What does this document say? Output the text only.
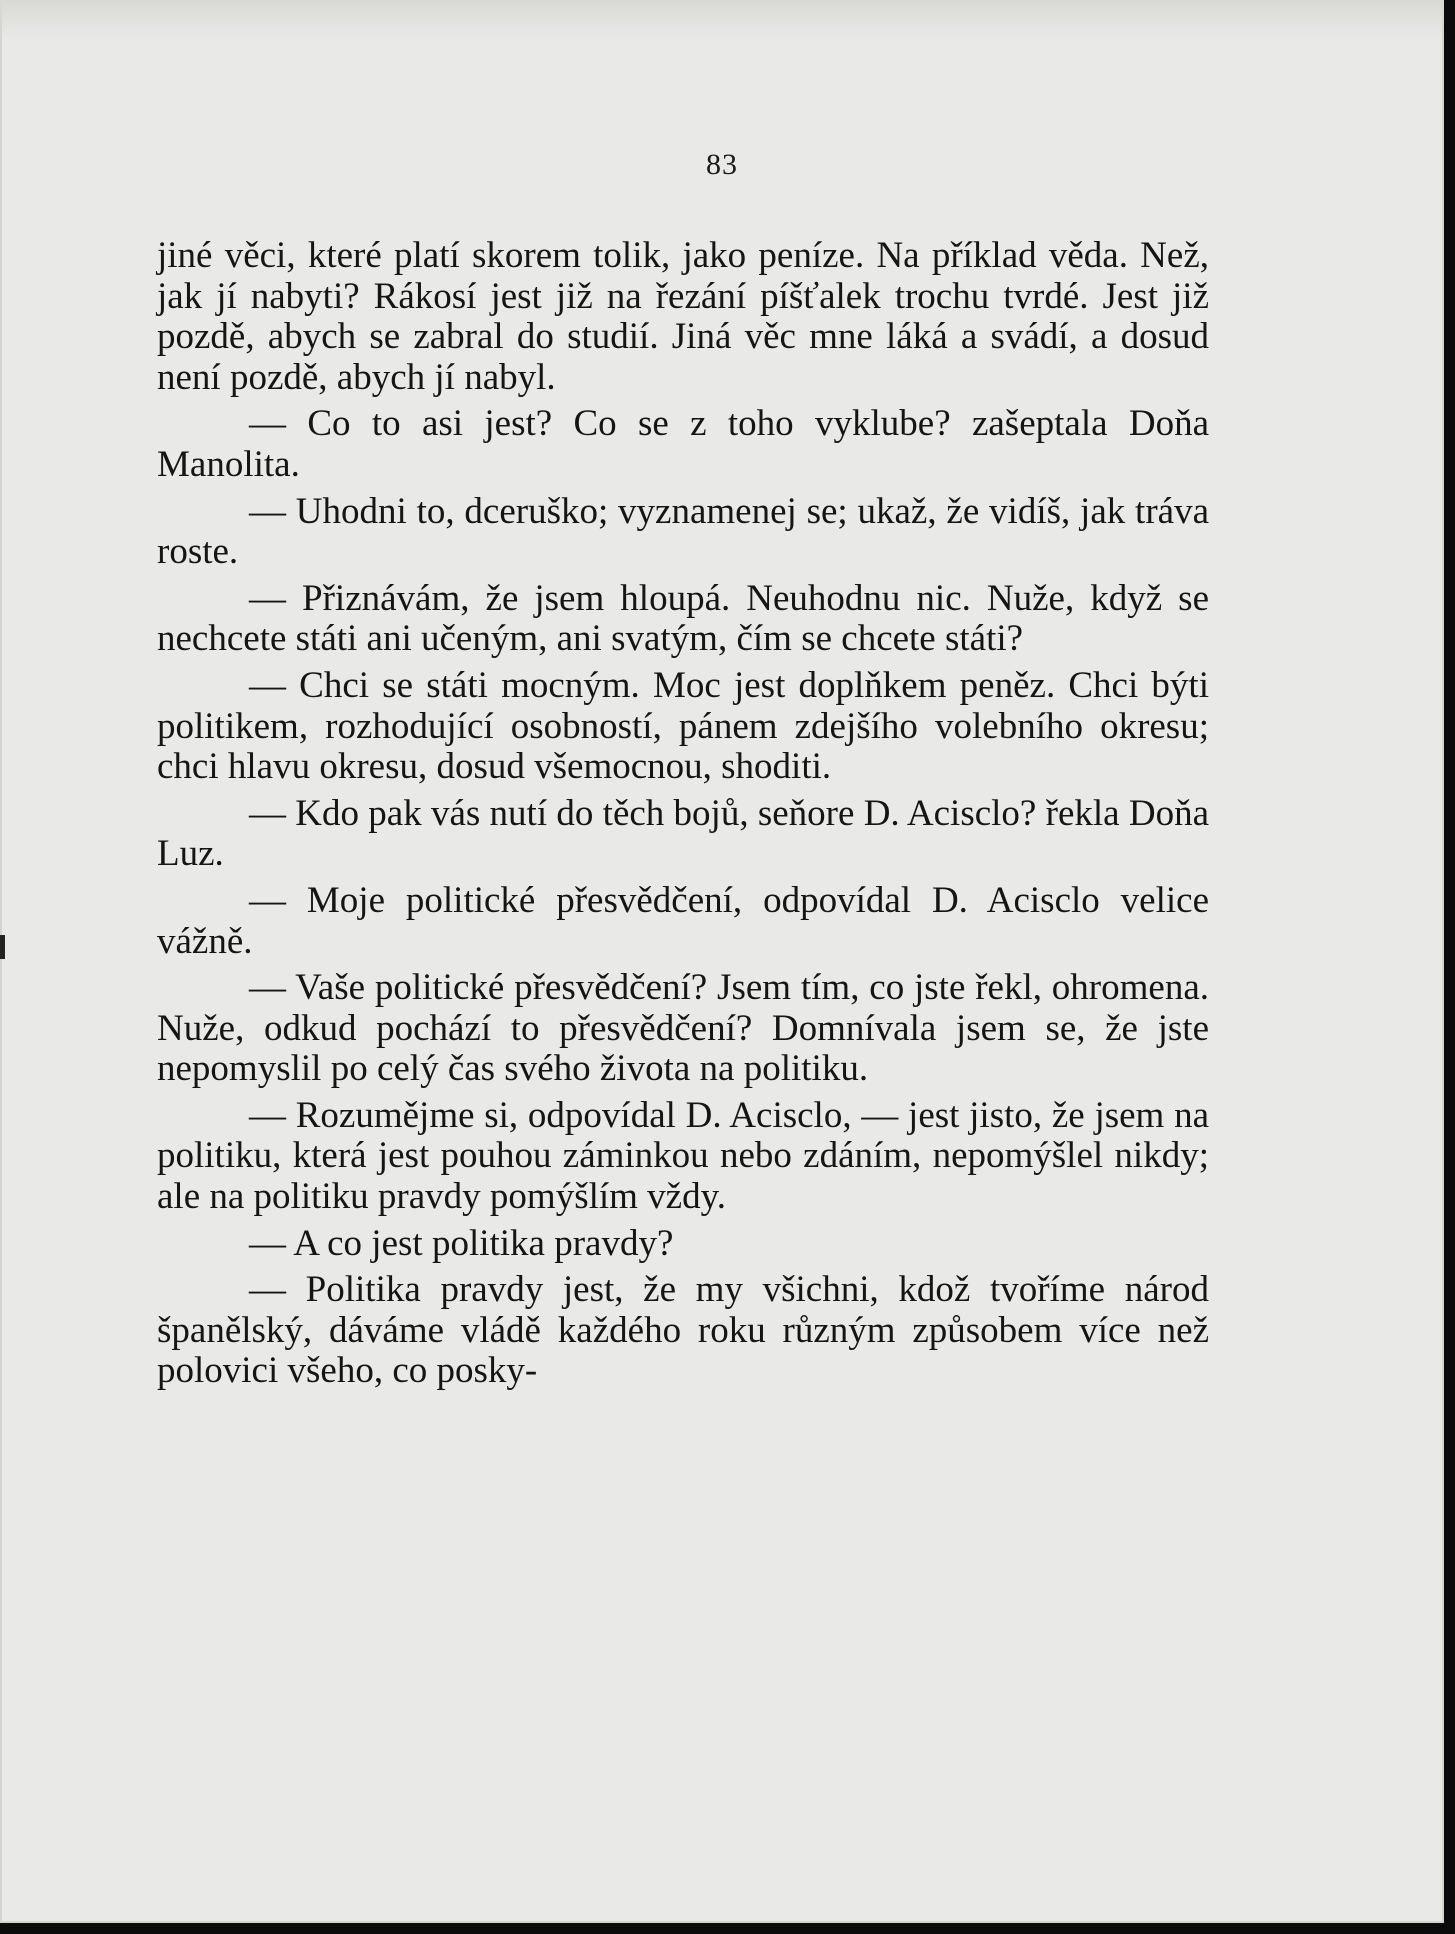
83

jiné věci, které platí skorem tolik, jako peníze. Na příklad věda. Než, jak jí nabyti? Rákosí jest již na řezání píšťalek trochu tvrdé. Jest již pozdě, abych se zabral do studií. Jiná věc mne láká a svádí, a dosud není pozdě, abych jí nabyl.

— Co to asi jest? Co se z toho vyklube? zašeptala Doňa Manolita.

— Uhodni to, dceruško; vyznamenej se; ukaž, že vidíš, jak tráva roste.

— Přiznávám, že jsem hloupá. Neuhodnu nic. Nuže, když se nechcete státi ani učeným, ani svatým, čím se chcete státi?

— Chci se státi mocným. Moc jest doplňkem peněz. Chci býti politikem, rozhodující osobností, pánem zdejšího volebního okresu; chci hlavu okresu, dosud všemocnou, shoditi.

— Kdo pak vás nutí do těch bojů, seňore D. Acisclo? řekla Doňa Luz.

— Moje politické přesvědčení, odpovídal D. Acisclo velice vážně.

— Vaše politické přesvědčení? Jsem tím, co jste řekl, ohromena. Nuže, odkud pochází to přesvědčení? Domnívala jsem se, že jste nepomyslil po celý čas svého života na politiku.

— Rozumějme si, odpovídal D. Acisclo, — jest jisto, že jsem na politiku, která jest pouhou záminkou nebo zdáním, nepomýšlel nikdy; ale na politiku pravdy pomýšlím vždy.

— A co jest politika pravdy?

— Politika pravdy jest, že my všichni, kdož tvoříme národ španělský, dáváme vládě každého roku různým způsobem více než polovici všeho, co posky-
